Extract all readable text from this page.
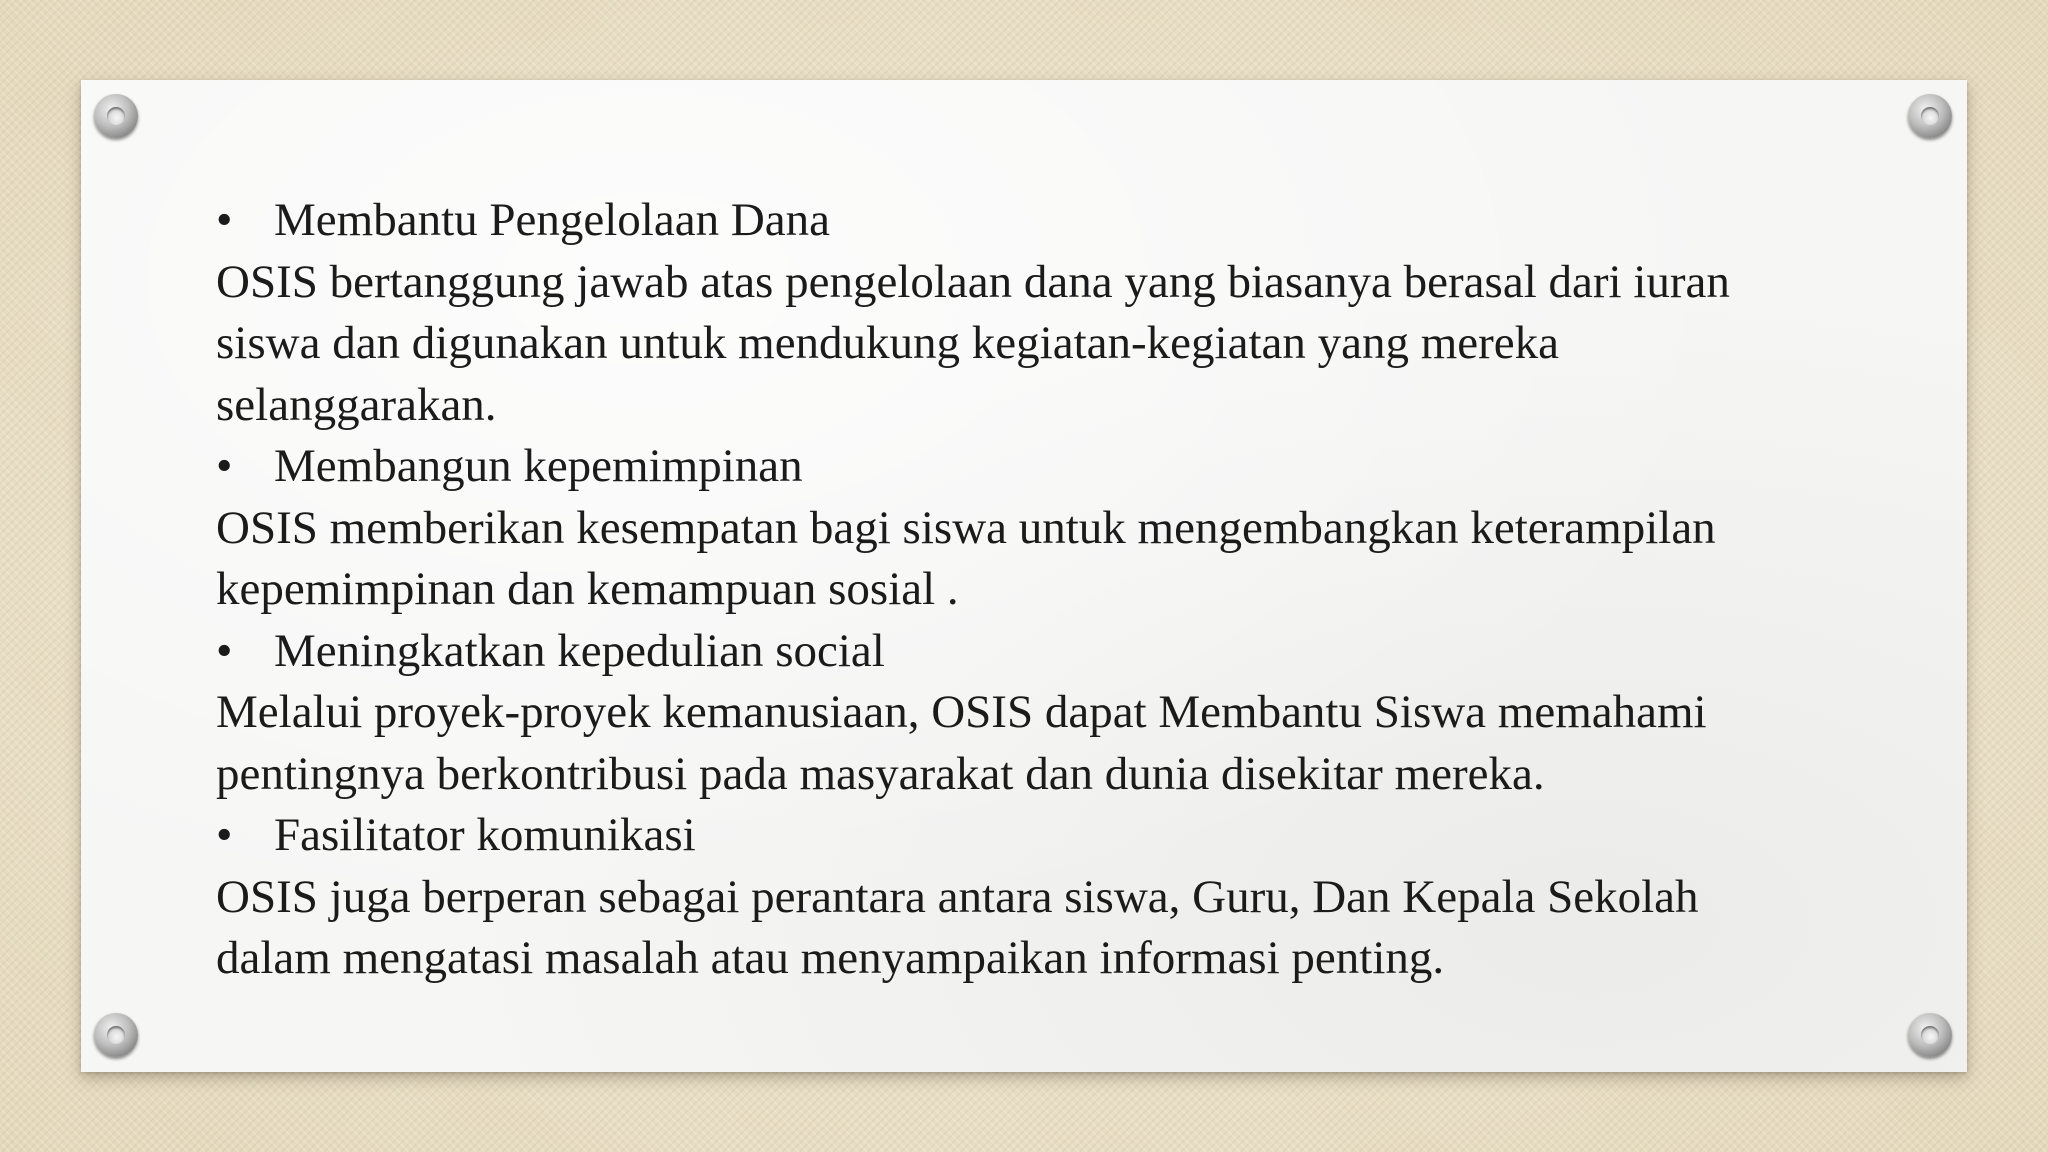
• Membantu Pengelolaan Dana
OSIS bertanggung jawab atas pengelolaan dana yang biasanya berasal dari iuran
siswa dan digunakan untuk mendukung kegiatan-kegiatan yang mereka
selanggarakan.
• Membangun kepemimpinan
OSIS memberikan kesempatan bagi siswa untuk mengembangkan keterampilan
kepemimpinan dan kemampuan sosial .
• Meningkatkan kepedulian social
Melalui proyek-proyek kemanusiaan, OSIS dapat Membantu Siswa memahami
pentingnya berkontribusi pada masyarakat dan dunia disekitar mereka.
• Fasilitator komunikasi
OSIS juga berperan sebagai perantara antara siswa, Guru, Dan Kepala Sekolah
dalam mengatasi masalah atau menyampaikan informasi penting.
